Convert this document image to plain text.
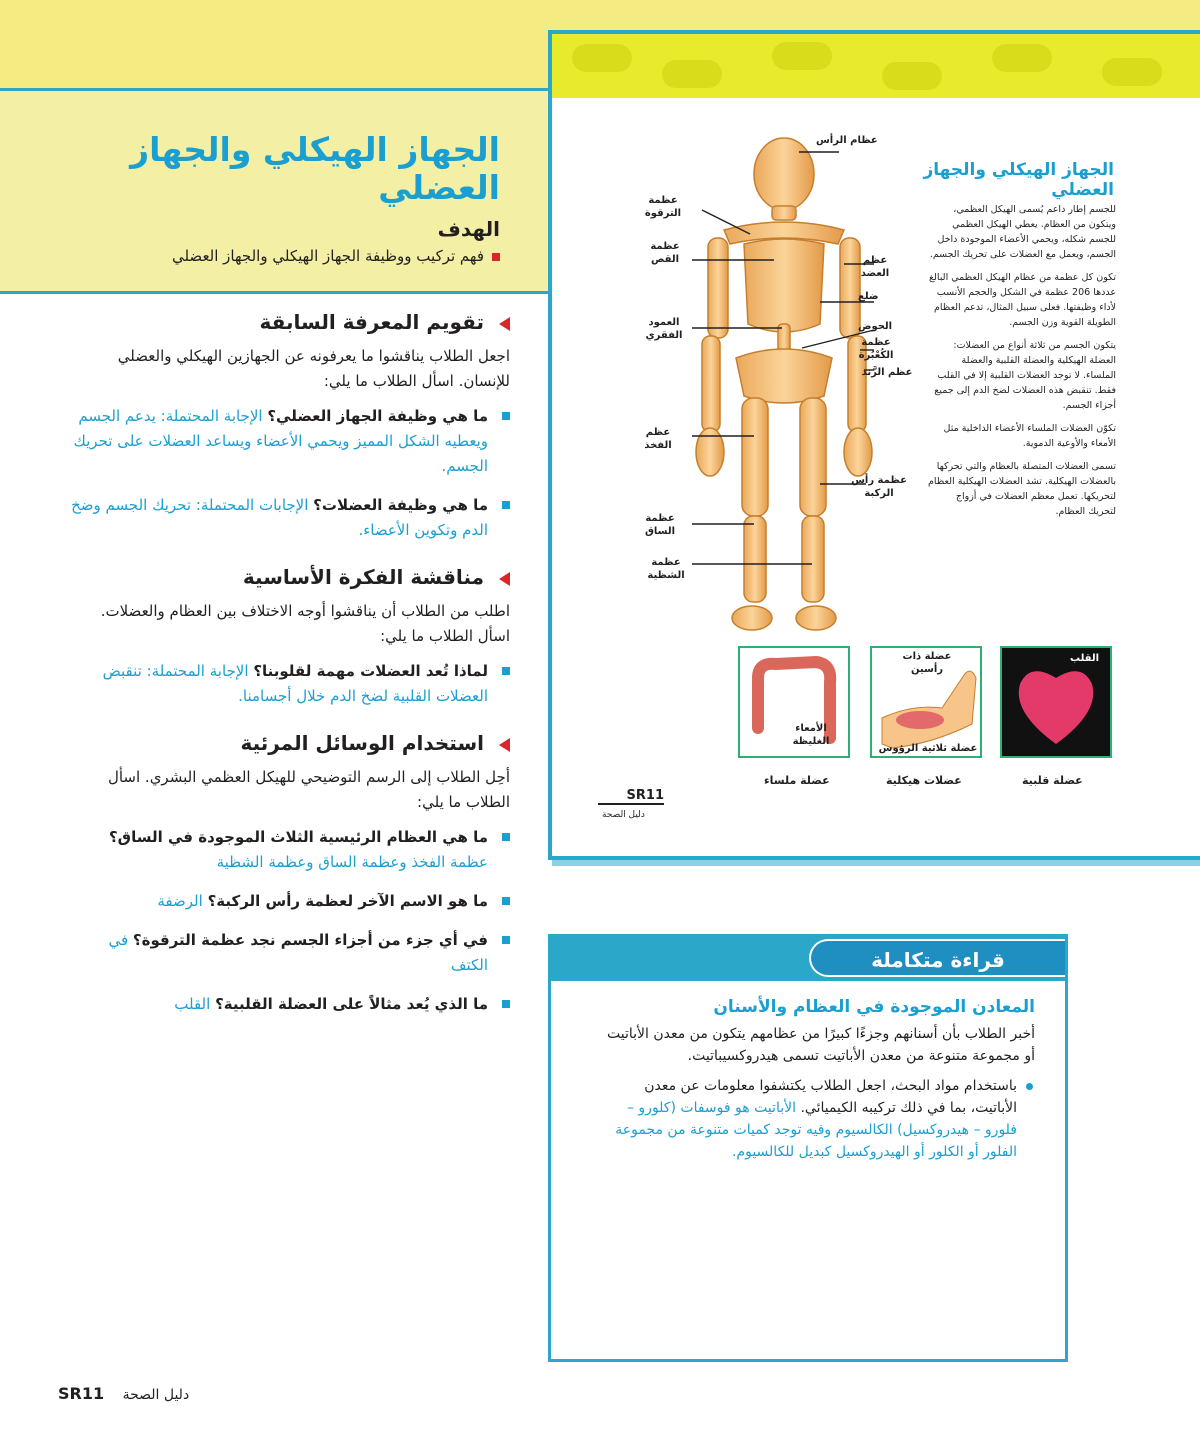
الجهاز الهيكلي والجهاز العضلي
الهدف
فهم تركيب ووظيفة الجهاز الهيكلي والجهاز العضلي
تقويم المعرفة السابقة
اجعل الطلاب يناقشوا ما يعرفونه عن الجهازين الهيكلي والعضلي للإنسان. اسأل الطلاب ما يلي:
ما هي وظيفة الجهاز العضلي؟ الإجابة المحتملة: يدعم الجسم ويعطيه الشكل المميز ويحمي الأعضاء ويساعد العضلات على تحريك الجسم.
ما هي وظيفة العضلات؟ الإجابات المحتملة: تحريك الجسم وضخ الدم وتكوين الأعضاء.
مناقشة الفكرة الأساسية
اطلب من الطلاب أن يناقشوا أوجه الاختلاف بين العظام والعضلات. اسأل الطلاب ما يلي:
لماذا تُعد العضلات مهمة لقلوبنا؟ الإجابة المحتملة: تنقبض العضلات القلبية لضخ الدم خلال أجسامنا.
استخدام الوسائل المرئية
أحِل الطلاب إلى الرسم التوضيحي للهيكل العظمي البشري. اسأل الطلاب ما يلي:
ما هي العظام الرئيسية الثلاث الموجودة في الساق؟ عظمة الفخذ وعظمة الساق وعظمة الشظية
ما هو الاسم الآخر لعظمة رأس الركبة؟ الرضفة
في أي جزء من أجزاء الجسم نجد عظمة الترقوة؟ في الكتف
ما الذي يُعد مثالاً على العضلة القلبية؟ القلب
الجهاز الهيكلي والجهاز العضلي

للجسم إطار داعم يُسمى الهيكل العظمي، ويتكون من العظام. يعطي الهيكل العظمي للجسم شكله، ويحمي الأعضاء الموجودة داخل الجسم، ويعمل مع العضلات على تحريك الجسم.

تكون كل عظمة من عظام الهيكل العظمي البالغ عددها 206 عظمة في الشكل والحجم الأنسب لأداء وظيفتها. فعلى سبيل المثال، تدعم العظام الطويلة القوية وزن الجسم.

يتكون الجسم من ثلاثة أنواع من العضلات: العضلة الهيكلية والعضلة القلبية والعضلة الملساء. لا توجد العضلات القلبية إلا في القلب فقط. تنقبض هذه العضلات لضخ الدم إلى جميع أجزاء الجسم.

تكوّن العضلات الملساء الأعضاء الداخلية مثل الأمعاء والأوعية الدموية.

تسمى العضلات المتصلة بالعظام والتي تحركها بالعضلات الهيكلية. تشد العضلات الهيكلية العظام لتحريكها. تعمل معظم العضلات في أزواج لتحريك العظام.

عظام الرأس
عظمة الترقوة
عظمة القص	عظم العضد
ضلع
العمود الفقري
الحوض
عظمة الكُعْبُرة
عظم الزَّند
عظم الفخذ
عظمة رأس الركبة
عظمة الساق
عظمة الشظية
الأمعاء الغليظة
عضلة ذات رأسين
عضلة ثلاثية الرؤوس
القلب
عضلة ملساء	عضلات هيكلية	عضلة قلبية
SR11
دليل الصحة
قراءة متكاملة
المعادن الموجودة في العظام والأسنان
أخبر الطلاب بأن أسنانهم وجزءًا كبيرًا من عظامهم يتكون من معدن الأباتيت أو مجموعة متنوعة من معدن الأباتيت تسمى هيدروكسيباتيت.
باستخدام مواد البحث، اجعل الطلاب يكتشفوا معلومات عن معدن الأباتيت، بما في ذلك تركيبه الكيميائي. الأباتيت هو فوسفات (كلورو – فلورو – هيدروكسيل) الكالسيوم وفيه توجد كميات متنوعة من مجموعة الفلور أو الكلور أو الهيدروكسيل كبديل للكالسيوم.
دليل الصحة SR11
